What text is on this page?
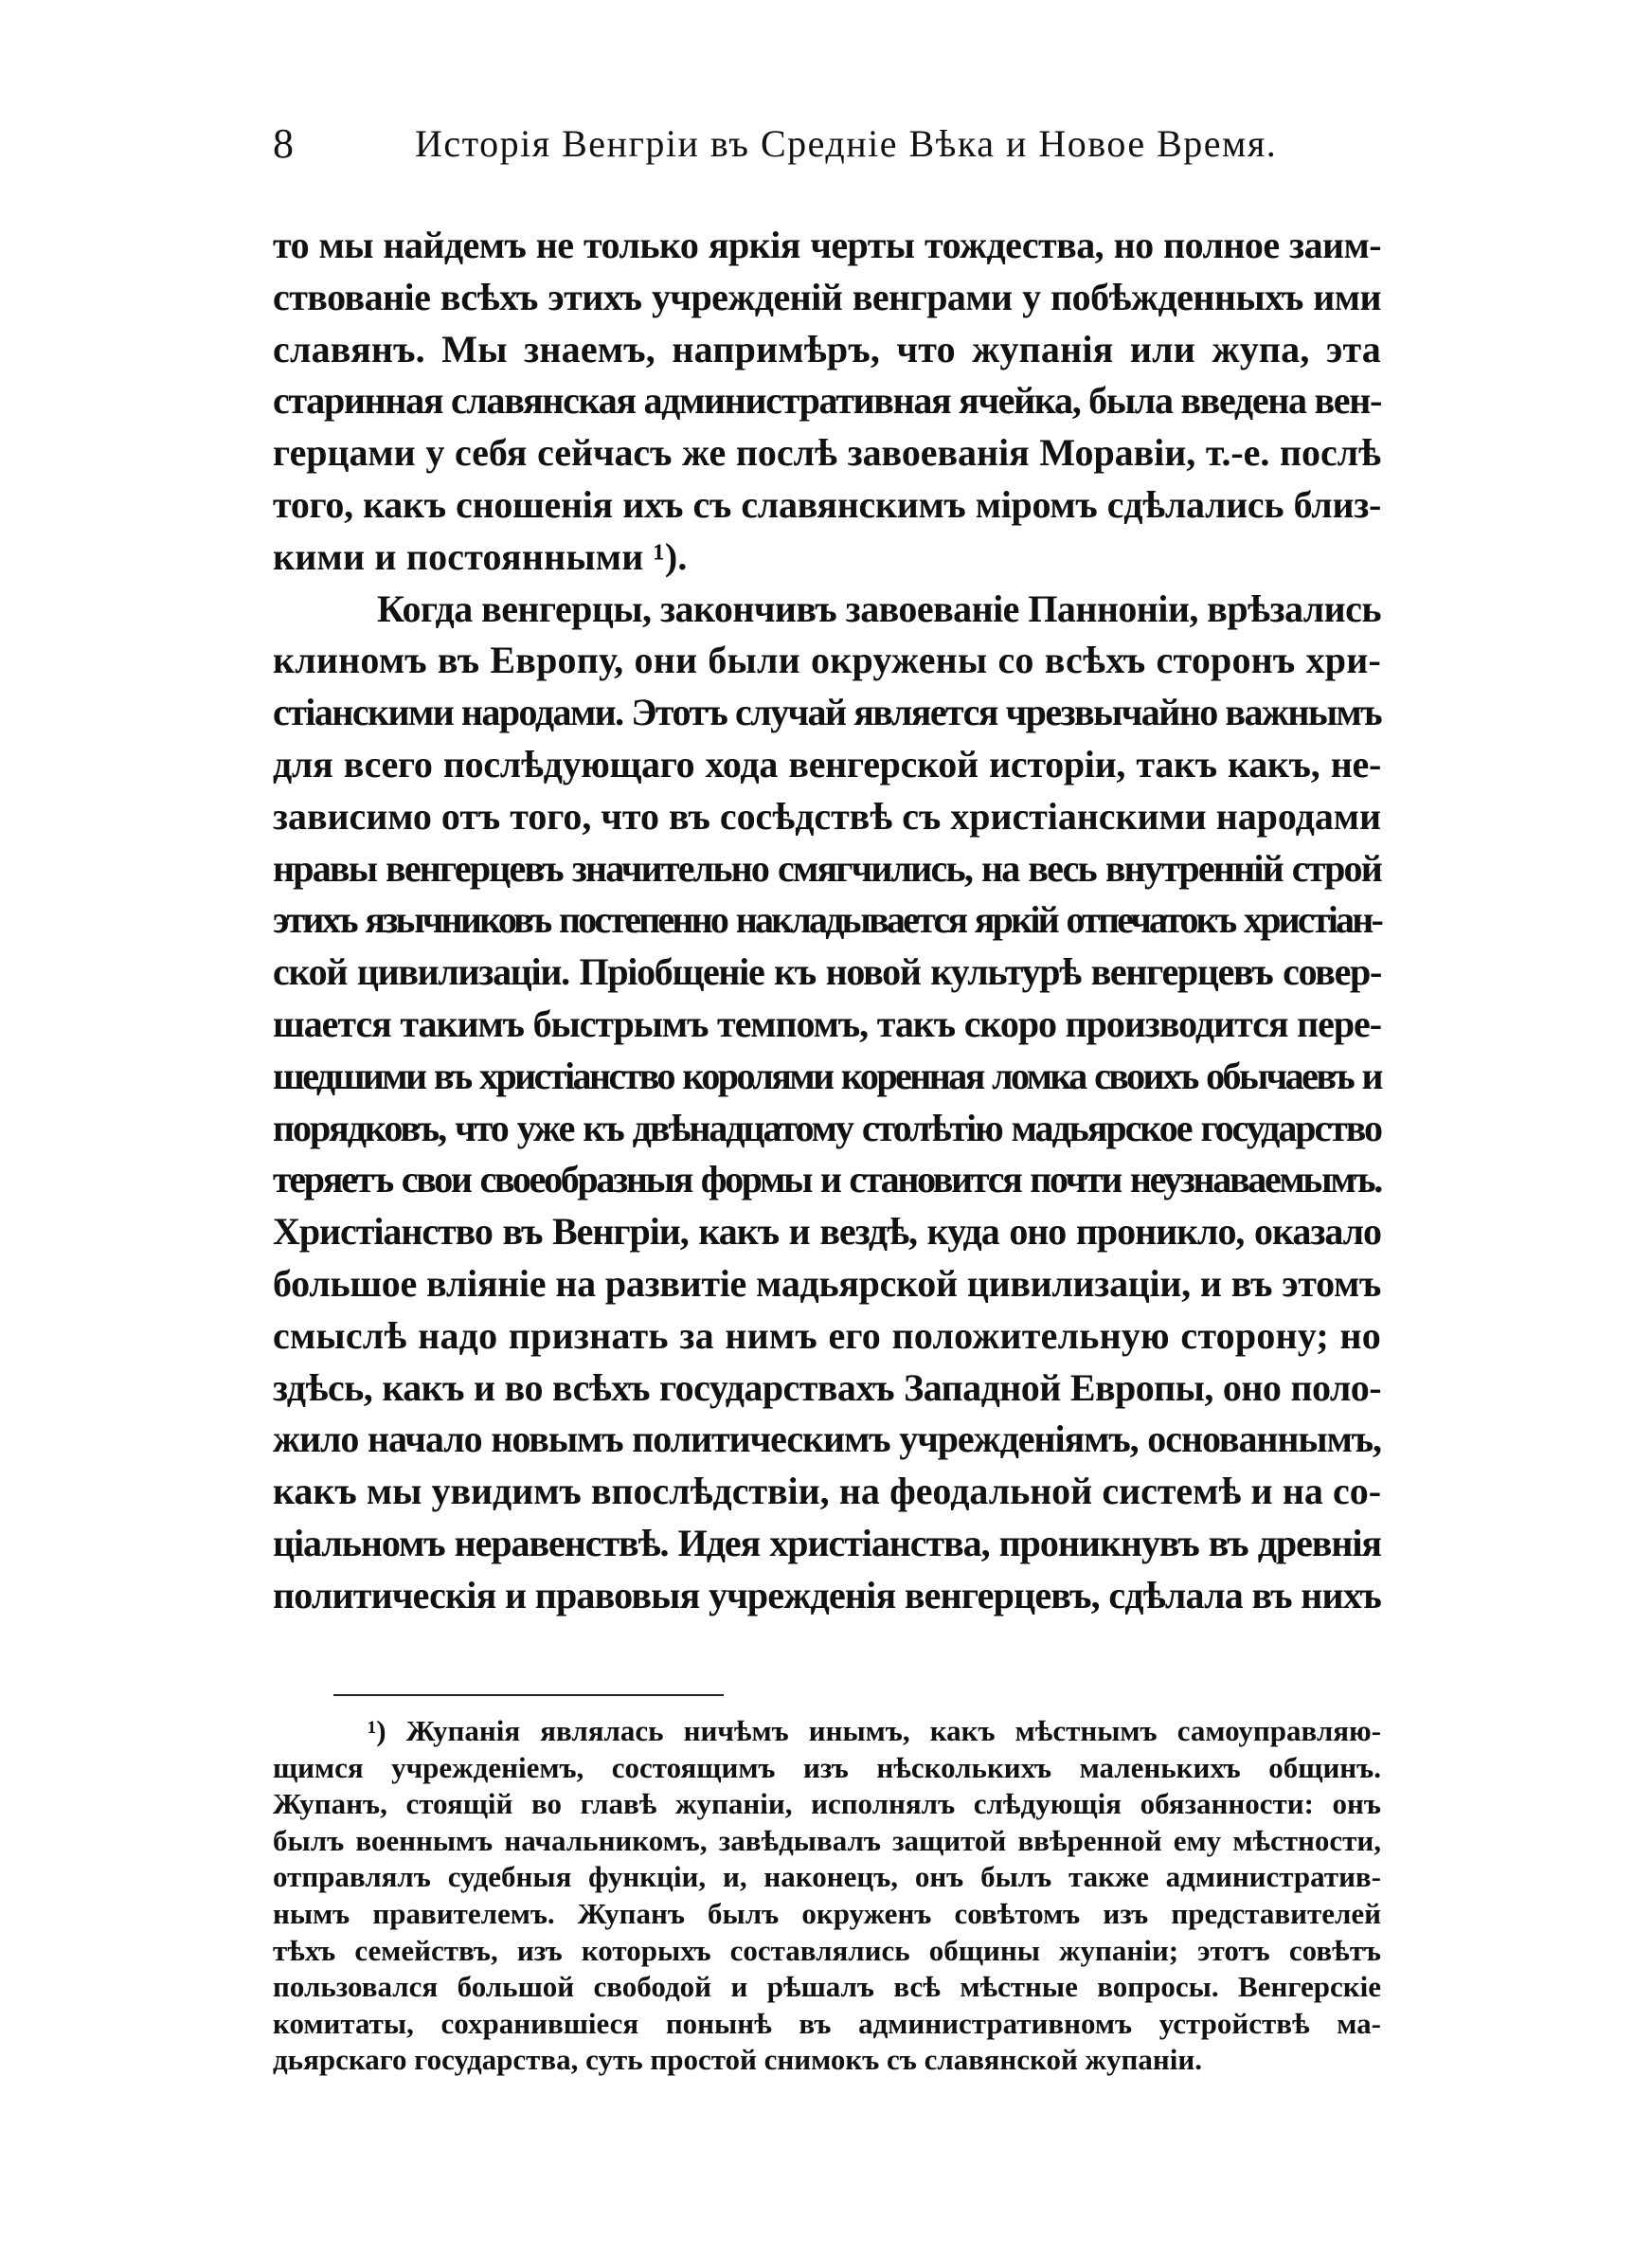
8	Исторія Венгріи въ Средніе Вѣка и Новое Время.
то мы найдемъ не только яркія черты тождества, но полное заим-
ствованіе всѣхъ этихъ учрежденій венграми у побѣжденныхъ ими
славянъ. Мы знаемъ, напримѣръ, что жупанія или жупа, эта
старинная славянская административная ячейка, была введена вен-
герцами у себя сейчасъ же послѣ завоеванія Моравіи, т.-е. послѣ
того, какъ сношенія ихъ съ славянскимъ міромъ сдѣлались близ-
кими и постоянными ¹).
Когда венгерцы, закончивъ завоеваніе Панноніи, врѣзались
клиномъ въ Европу, они были окружены со всѣхъ сторонъ хри-
стіанскими народами. Этотъ случай является чрезвычайно важнымъ
для всего послѣдующаго хода венгерской исторіи, такъ какъ, не-
зависимо отъ того, что въ сосѣдствѣ съ христіанскими народами
нравы венгерцевъ значительно смягчились, на весь внутренній строй
этихъ язычниковъ постепенно накладывается яркій отпечатокъ христіан-
ской цивилизаціи. Пріобщеніе къ новой культурѣ венгерцевъ совер-
шается такимъ быстрымъ темпомъ, такъ скоро производится пере-
шедшими въ христіанство королями коренная ломка своихъ обычаевъ и
порядковъ, что уже къ двѣнадцатому столѣтію мадьярское государство
теряетъ свои своеобразныя формы и становится почти неузнаваемымъ.
Христіанство въ Венгріи, какъ и вездѣ, куда оно проникло, оказало
большое вліяніе на развитіе мадьярской цивилизаціи, и въ этомъ
смыслѣ надо признать за нимъ его положительную сторону; но
здѣсь, какъ и во всѣхъ государствахъ Западной Европы, оно поло-
жило начало новымъ политическимъ учрежденіямъ, основаннымъ,
какъ мы увидимъ впослѣдствіи, на феодальной системѣ и на со-
ціальномъ неравенствѣ. Идея христіанства, проникнувъ въ древнія
политическія и правовыя учрежденія венгерцевъ, сдѣлала въ нихъ
¹) Жупанія являлась ничѣмъ инымъ, какъ мѣстнымъ самоуправляю-
щимся учрежденіемъ, состоящимъ изъ нѣсколькихъ маленькихъ общинъ.
Жупанъ, стоящій во главѣ жупаніи, исполнялъ слѣдующія обязанности: онъ
былъ военнымъ начальникомъ, завѣдывалъ защитой ввѣренной ему мѣстности,
отправлялъ судебныя функціи, и, наконецъ, онъ былъ также административ-
нымъ правителемъ. Жупанъ былъ окруженъ совѣтомъ изъ представителей
тѣхъ семействъ, изъ которыхъ составлялись общины жупаніи; этотъ совѣтъ
пользовался большой свободой и рѣшалъ всѣ мѣстные вопросы. Венгерскіе
комитаты, сохранившіеся понынѣ въ административномъ устройствѣ ма-
дьярскаго государства, суть простой снимокъ съ славянской жупаніи.
